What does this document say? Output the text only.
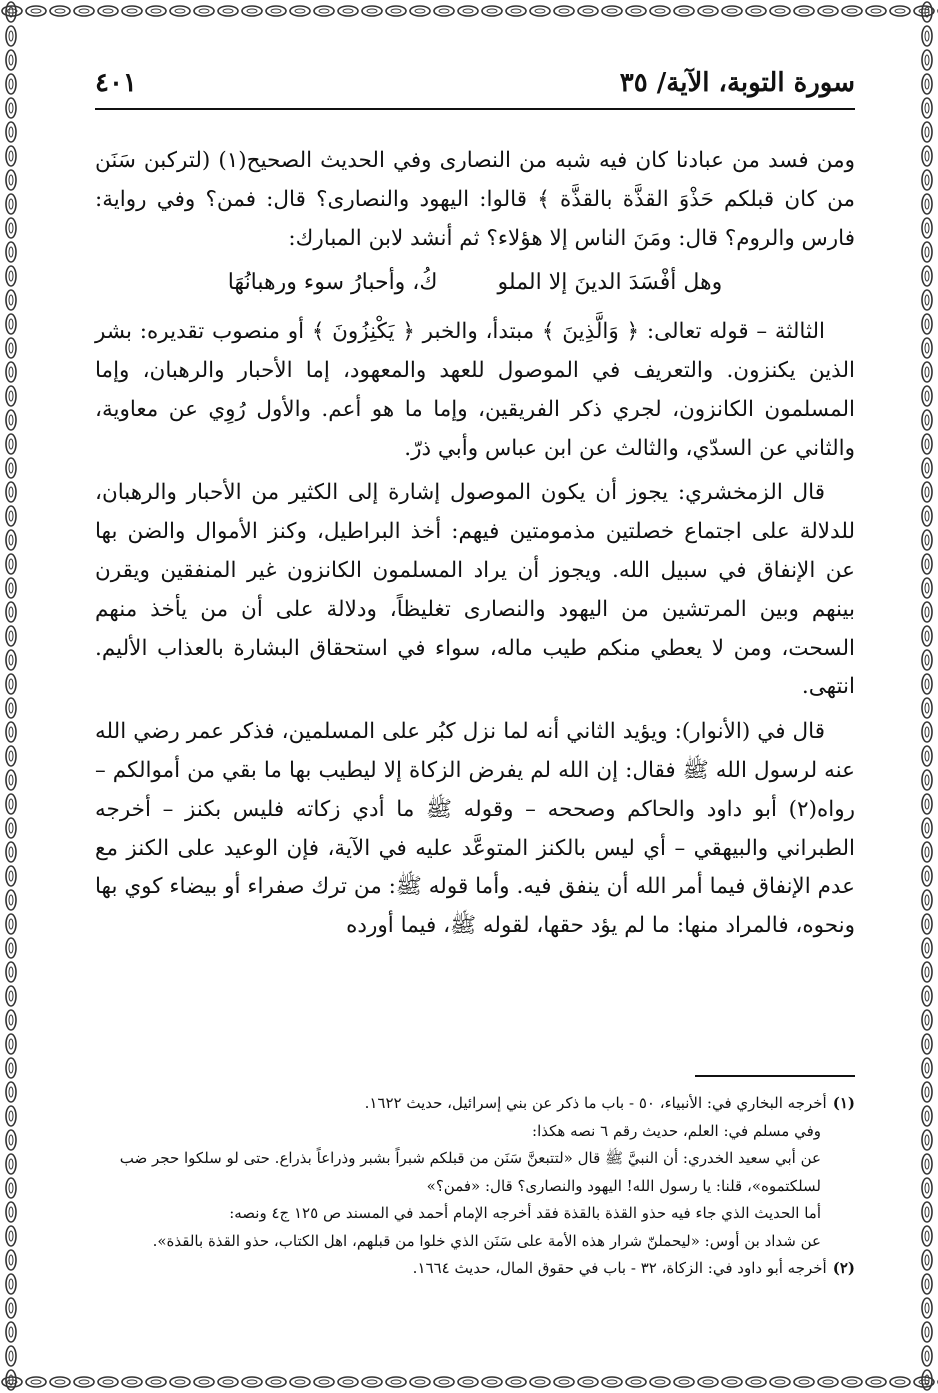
سورة التوبة، الآية/ ٣٥
٤٠١

ومن فسد من عبادنا كان فيه شبه من النصارى وفي الحديث الصحيح(١) (لتركبن سَنَن من كان قبلكم حَذْوَ القذَّة بالقذَّة ﴾ قالوا: اليهود والنصارى؟ قال: فمن؟ وفي رواية: فارس والروم؟ قال: ومَنَ الناس إلا هؤلاء؟ ثم أنشد لابن المبارك:

وهل أفْسَدَ الدينَ إلا الملو
كُ، وأحبارُ سوء ورهبانُهَا

الثالثة – قوله تعالى: ﴿ وَالَّذِينَ ﴾ مبتدأ، والخبر ﴿ يَكْنِزُونَ ﴾ أو منصوب تقديره: بشر الذين يكنزون. والتعريف في الموصول للعهد والمعهود، إما الأحبار والرهبان، وإما المسلمون الكانزون، لجري ذكر الفريقين، وإما ما هو أعم. والأول رُوِي عن معاوية، والثاني عن السدّي، والثالث عن ابن عباس وأبي ذرّ.

قال الزمخشري: يجوز أن يكون الموصول إشارة إلى الكثير من الأحبار والرهبان، للدلالة على اجتماع خصلتين مذمومتين فيهم: أخذ البراطيل، وكنز الأموال والضن بها عن الإنفاق في سبيل الله. ويجوز أن يراد المسلمون الكانزون غير المنفقين ويقرن بينهم وبين المرتشين من اليهود والنصارى تغليظاً، ودلالة على أن من يأخذ منهم السحت، ومن لا يعطي منكم طيب ماله، سواء في استحقاق البشارة بالعذاب الأليم. انتهى.

قال في (الأنوار): ويؤيد الثاني أنه لما نزل كبُر على المسلمين، فذكر عمر رضي الله عنه لرسول الله ﷺ فقال: إن الله لم يفرض الزكاة إلا ليطيب بها ما بقي من أموالكم – رواه(٢) أبو داود والحاكم وصححه – وقوله ﷺ ما أدي زكاته فليس بكنز – أخرجه الطبراني والبيهقي – أي ليس بالكنز المتوعَّد عليه في الآية، فإن الوعيد على الكنز مع عدم الإنفاق فيما أمر الله أن ينفق فيه. وأما قوله ﷺ: من ترك صفراء أو بيضاء كوي بها ونحوه، فالمراد منها: ما لم يؤد حقها، لقوله ﷺ، فيما أورده

(١)أخرجه البخاري في: الأنبياء، ٥٠ - باب ما ذكر عن بني إسرائيل، حديث ١٦٢٢.

وفي مسلم في: العلم، حديث رقم ٦ نصه هكذا:

عن أبي سعيد الخدري: أن النبيَّ ﷺ قال «لتتبعنَّ سَنَن من قبلكم شبراً بشبر وذراعاً بذراع. حتى لو سلكوا حجر ضب لسلكتموه»، قلنا: يا رسول الله! اليهود والنصارى؟ قال: «فمن؟»

أما الحديث الذي جاء فيه حذو القذة بالقذة فقد أخرجه الإمام أحمد في المسند ص ١٢٥ ج٤ ونصه:

عن شداد بن أوس: «ليحملنّ شرار هذه الأمة على سَنَن الذي خلوا من قبلهم، اهل الكتاب، حذو القذة بالقذة».

(٢)أخرجه أبو داود في: الزكاة، ٣٢ - باب في حقوق المال، حديث ١٦٦٤.
